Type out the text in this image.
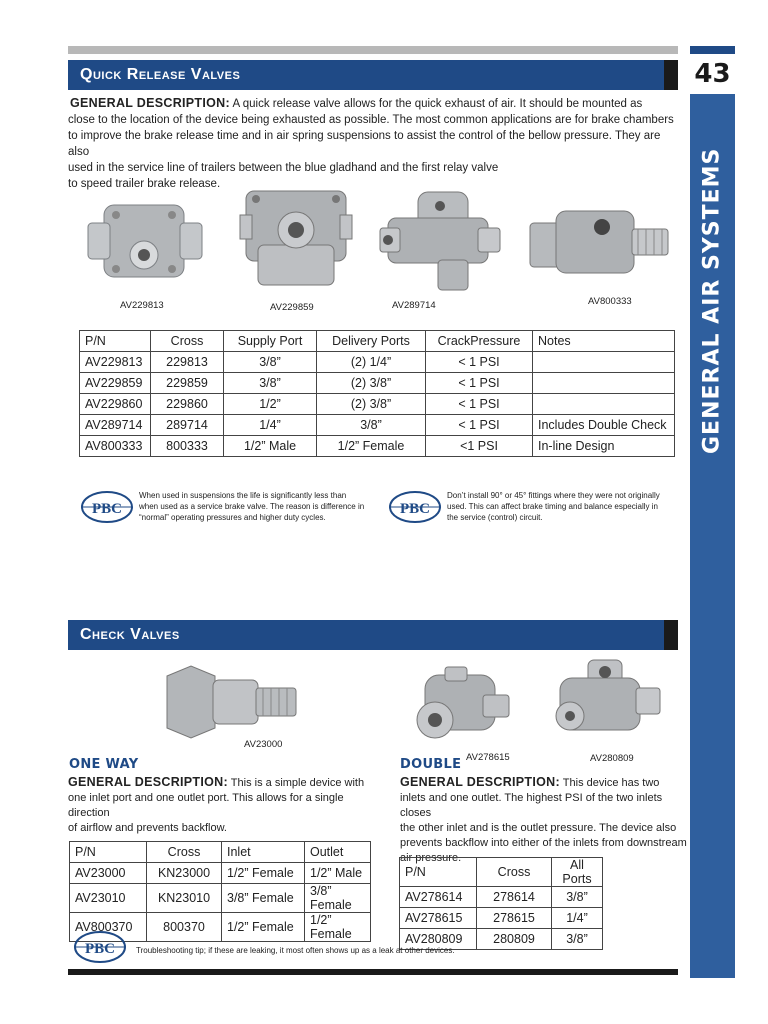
43
GENERAL AIR SYSTEMS
Quick Release Valves
GENERAL DESCRIPTION: A quick release valve allows for the quick exhaust of air. It should be mounted as
close to the location of the device being exhausted as possible. The most common applications are for brake chambers
to improve the brake release time and in air spring suspensions to assist the control of the bellow pressure. They are also
used in the service line of trailers between the blue gladhand and the first relay valve
to speed trailer brake release.
AV229813	AV229859	AV289714	AV800333
P/N	Cross	Supply Port	Delivery Ports	CrackPressure	Notes
AV229813	229813	3/8”	(2) 1/4”	< 1 PSI	
AV229859	229859	3/8”	(2) 3/8”	< 1 PSI	
AV229860	229860	1/2”	(2) 3/8”	< 1 PSI	
AV289714	289714	1/4”	3/8”	< 1 PSI	Includes Double Check
AV800333	800333	1/2” Male	1/2” Female	<1 PSI	In-line Design
PBC
When used in suspensions the life is significantly less than
when used as a service brake valve. The reason is difference in
“normal” operating pressures and higher duty cycles.
PBC
Don’t install 90° or 45° fittings where they were not originally
used. This can affect brake timing and balance especially in
the service (control) circuit.
Check Valves
AV23000
AV278615	AV280809
ONE WAY
GENERAL DESCRIPTION: This is a simple device with
one inlet port and one outlet port. This allows for a single direction
of airflow and prevents backflow.
DOUBLE
GENERAL DESCRIPTION: This device has two
inlets and one outlet. The highest PSI of the two inlets closes
the other inlet and is the outlet pressure. The device also
prevents backflow into either of the inlets from downstream
air pressure.
P/N	Cross	Inlet	Outlet
AV23000	KN23000	1/2” Female	1/2” Male
AV23010	KN23010	3/8” Female	3/8” Female
AV800370	800370	1/2” Female	1/2” Female
P/N	Cross	All Ports
AV278614	278614	3/8”
AV278615	278615	1/4”
AV280809	280809	3/8”
PBC	Troubleshooting tip; if these are leaking, it most often shows up as a leak at other devices.
